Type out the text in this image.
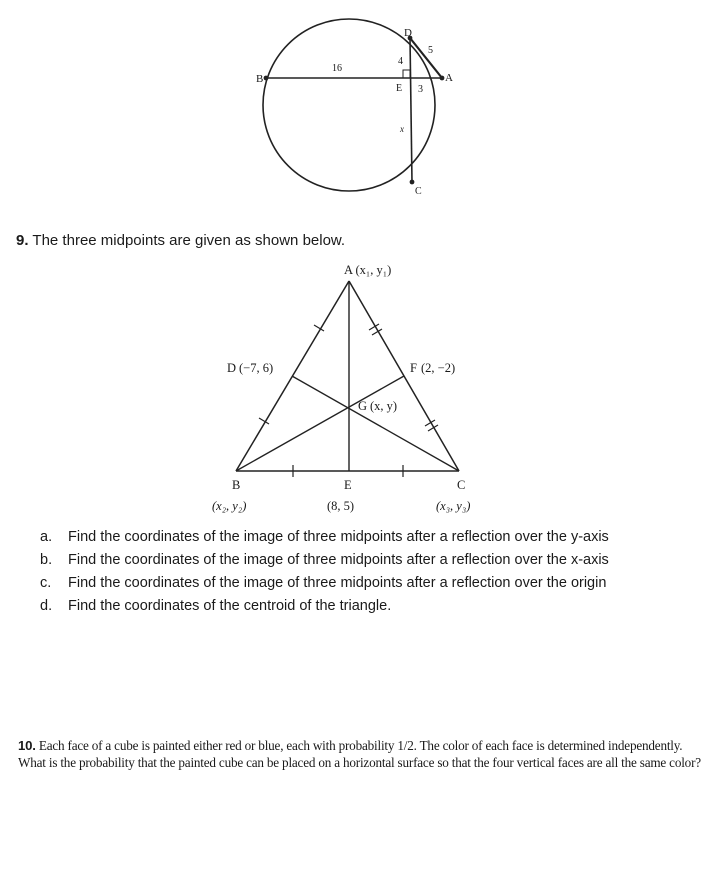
B
D
A
E
C
16
4
5
3
x
9. The three midpoints are given as shown below.
A (x₁, y₁)
D (−7, 6)	F (2, −2)
G (x, y)
B
(x₂, y₂)
E
(8, 5)
C
(x₃, y₃)
a. Find the coordinates of the image of three midpoints after a reflection over the y-axis
b. Find the coordinates of the image of three midpoints after a reflection over the x-axis
c. Find the coordinates of the image of three midpoints after a reflection over the origin
d. Find the coordinates of the centroid of the triangle.
10. Each face of a cube is painted either red or blue, each with probability 1/2. The color of each face is determined independently. What is the probability that the painted cube can be placed on a horizontal surface so that the four vertical faces are all the same color?
